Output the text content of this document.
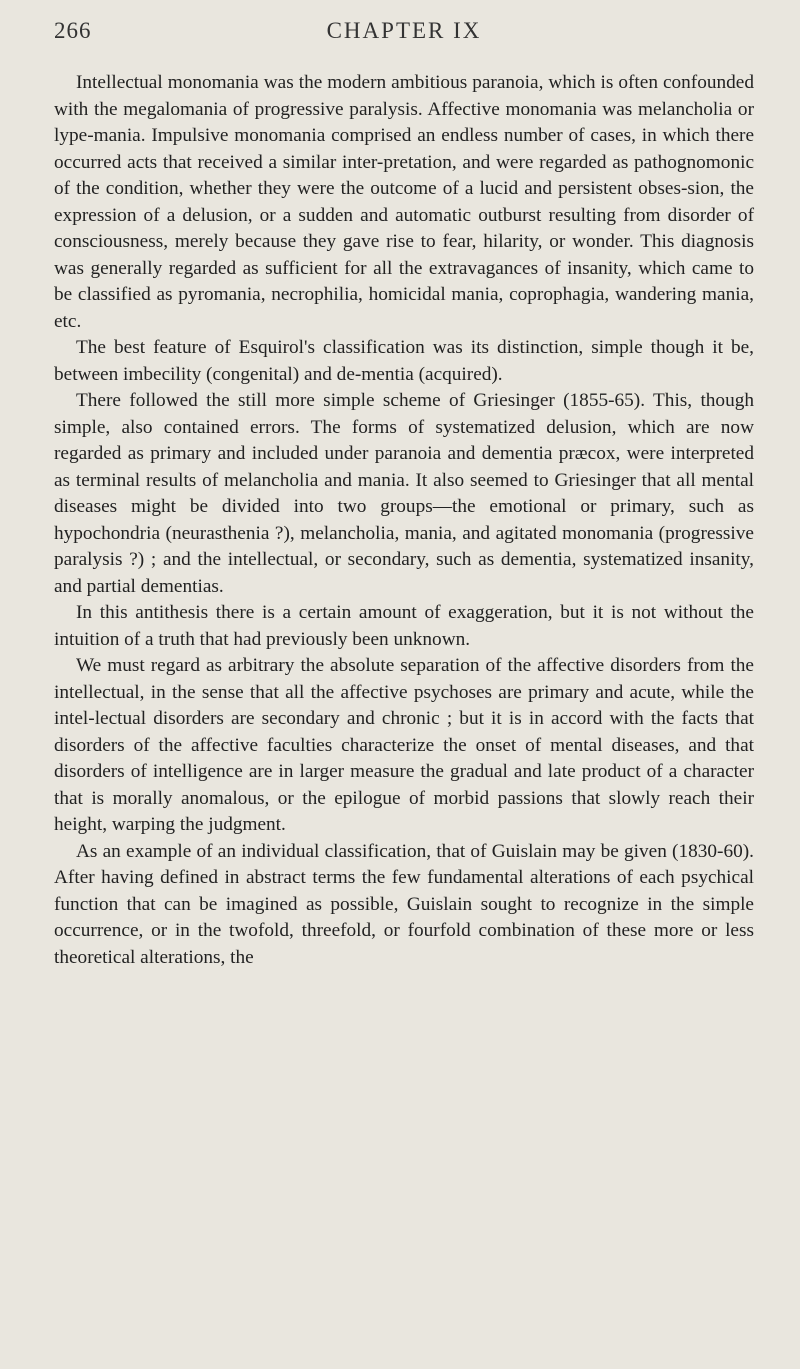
266	CHAPTER IX

Intellectual monomania was the modern ambitious paranoia, which is often confounded with the megalomania of progressive paralysis. Affective monomania was melancholia or lype-mania. Impulsive monomania comprised an endless number of cases, in which there occurred acts that received a similar inter-pretation, and were regarded as pathognomonic of the condition, whether they were the outcome of a lucid and persistent obses-sion, the expression of a delusion, or a sudden and automatic outburst resulting from disorder of consciousness, merely because they gave rise to fear, hilarity, or wonder. This diagnosis was generally regarded as sufficient for all the extravagances of insanity, which came to be classified as pyromania, necrophilia, homicidal mania, coprophagia, wandering mania, etc.

The best feature of Esquirol's classification was its distinction, simple though it be, between imbecility (congenital) and de-mentia (acquired).

There followed the still more simple scheme of Griesinger (1855-65). This, though simple, also contained errors. The forms of systematized delusion, which are now regarded as primary and included under paranoia and dementia præcox, were interpreted as terminal results of melancholia and mania. It also seemed to Griesinger that all mental diseases might be divided into two groups—the emotional or primary, such as hypochondria (neurasthenia ?), melancholia, mania, and agitated monomania (progressive paralysis ?) ; and the intellectual, or secondary, such as dementia, systematized insanity, and partial dementias.

In this antithesis there is a certain amount of exaggeration, but it is not without the intuition of a truth that had previously been unknown.

We must regard as arbitrary the absolute separation of the affective disorders from the intellectual, in the sense that all the affective psychoses are primary and acute, while the intel-lectual disorders are secondary and chronic ; but it is in accord with the facts that disorders of the affective faculties characterize the onset of mental diseases, and that disorders of intelligence are in larger measure the gradual and late product of a character that is morally anomalous, or the epilogue of morbid passions that slowly reach their height, warping the judgment.

As an example of an individual classification, that of Guislain may be given (1830-60). After having defined in abstract terms the few fundamental alterations of each psychical function that can be imagined as possible, Guislain sought to recognize in the simple occurrence, or in the twofold, threefold, or fourfold combination of these more or less theoretical alterations, the
